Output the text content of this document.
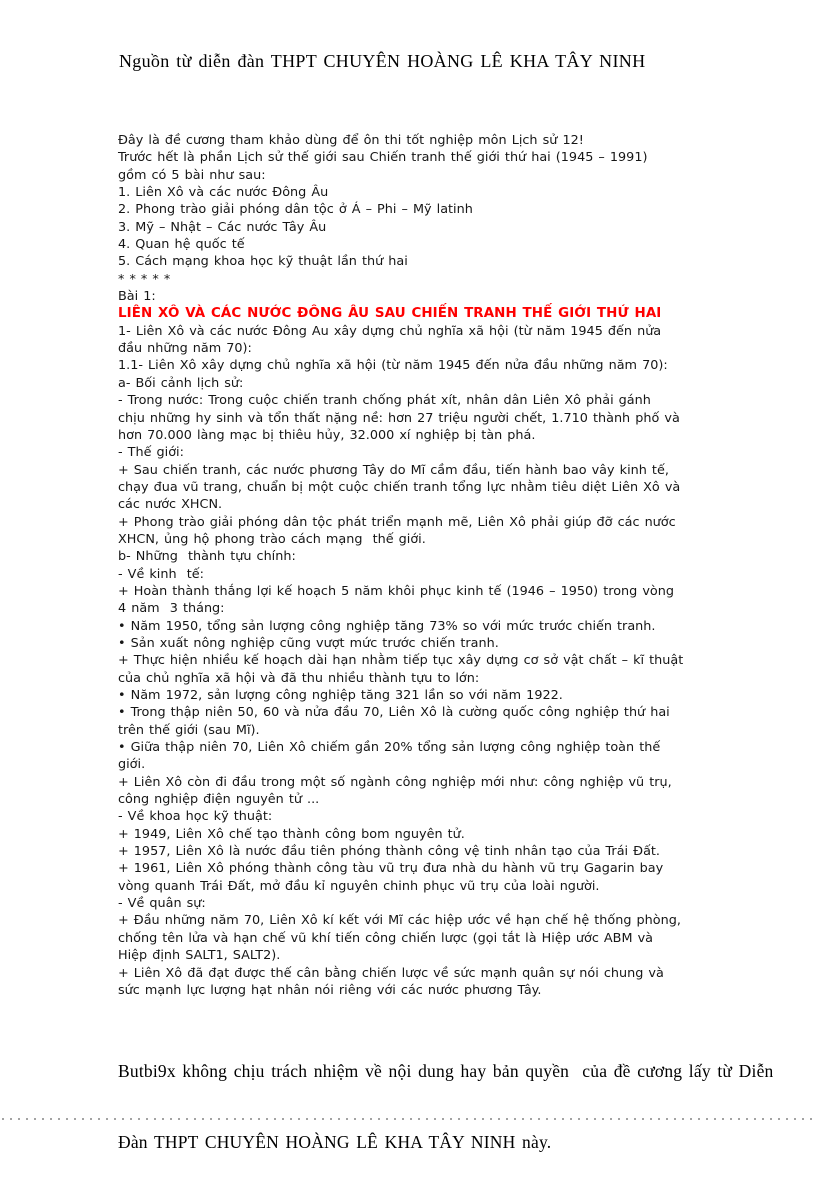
Nguồn từ diễn đàn THPT CHUYÊN HOÀNG LÊ KHA TÂY NINH
Đây là đề cương tham khảo dùng để ôn thi tốt nghiệp môn Lịch sử 12!
Trước hết là phần Lịch sử thế giới sau Chiến tranh thế giới thứ hai (1945 – 1991)
gồm có 5 bài như sau:
1. Liên Xô và các nước Đông Âu
2. Phong trào giải phóng dân tộc ở Á – Phi – Mỹ latinh
3. Mỹ – Nhật – Các nước Tây Âu
4. Quan hệ quốc tế
5. Cách mạng khoa học kỹ thuật lần thứ hai
* * * * *
Bài 1:
LIÊN XÔ VÀ CÁC NƯỚC ĐÔNG ÂU SAU CHIẾN TRANH THẾ GIỚI THỨ HAI
1- Liên Xô và các nước Đông Au xây dựng chủ nghĩa xã hội (từ năm 1945 đến nửa
đầu những năm 70):
1.1- Liên Xô xây dựng chủ nghĩa xã hội (từ năm 1945 đến nửa đầu những năm 70):
a- Bối cảnh lịch sử:
- Trong nước: Trong cuộc chiến tranh chống phát xít, nhân dân Liên Xô phải gánh
chịu những hy sinh và tổn thất nặng nề: hơn 27 triệu người chết, 1.710 thành phố và
hơn 70.000 làng mạc bị thiêu hủy, 32.000 xí nghiệp bị tàn phá.
- Thế giới:
+ Sau chiến tranh, các nước phương Tây do Mĩ cầm đầu, tiến hành bao vây kinh tế,
chạy đua vũ trang, chuẩn bị một cuộc chiến tranh tổng lực nhằm tiêu diệt Liên Xô và
các nước XHCN.
+ Phong trào giải phóng dân tộc phát triển mạnh mẽ, Liên Xô phải giúp đỡ các nước
XHCN, ủng hộ phong trào cách mạng  thế giới.
b- Những  thành tựu chính:
- Về kinh  tế:
+ Hoàn thành thắng lợi kế hoạch 5 năm khôi phục kinh tế (1946 – 1950) trong vòng
4 năm  3 tháng:
• Năm 1950, tổng sản lượng công nghiệp tăng 73% so với mức trước chiến tranh.
• Sản xuất nông nghiệp cũng vượt mức trước chiến tranh.
+ Thực hiện nhiều kế hoạch dài hạn nhằm tiếp tục xây dựng cơ sở vật chất – kĩ thuật
của chủ nghĩa xã hội và đã thu nhiều thành tựu to lớn:
• Năm 1972, sản lượng công nghiệp tăng 321 lần so với năm 1922.
• Trong thập niên 50, 60 và nửa đầu 70, Liên Xô là cường quốc công nghiệp thứ hai
trên thế giới (sau Mĩ).
• Giữa thập niên 70, Liên Xô chiếm gần 20% tổng sản lượng công nghiệp toàn thế
giới.
+ Liên Xô còn đi đầu trong một số ngành công nghiệp mới như: công nghiệp vũ trụ,
công nghiệp điện nguyên tử ...
- Về khoa học kỹ thuật:
+ 1949, Liên Xô chế tạo thành công bom nguyên tử.
+ 1957, Liên Xô là nước đầu tiên phóng thành công vệ tinh nhân tạo của Trái Đất.
+ 1961, Liên Xô phóng thành công tàu vũ trụ đưa nhà du hành vũ trụ Gagarin bay
vòng quanh Trái Đất, mở đầu kỉ nguyên chinh phục vũ trụ của loài người.
- Về quân sự:
+ Đầu những năm 70, Liên Xô kí kết với Mĩ các hiệp ước về hạn chế hệ thống phòng,
chống tên lửa và hạn chế vũ khí tiến công chiến lược (gọi tắt là Hiệp ước ABM và
Hiệp định SALT1, SALT2).
+ Liên Xô đã đạt được thế cân bằng chiến lược về sức mạnh quân sự nói chung và
sức mạnh lực lượng hạt nhân nói riêng với các nước phương Tây.

Butbi9x không chịu trách nhiệm về nội dung hay bản quyền  của đề cương lấy từ Diễn

Đàn THPT CHUYÊN HOÀNG LÊ KHA TÂY NINH này.
